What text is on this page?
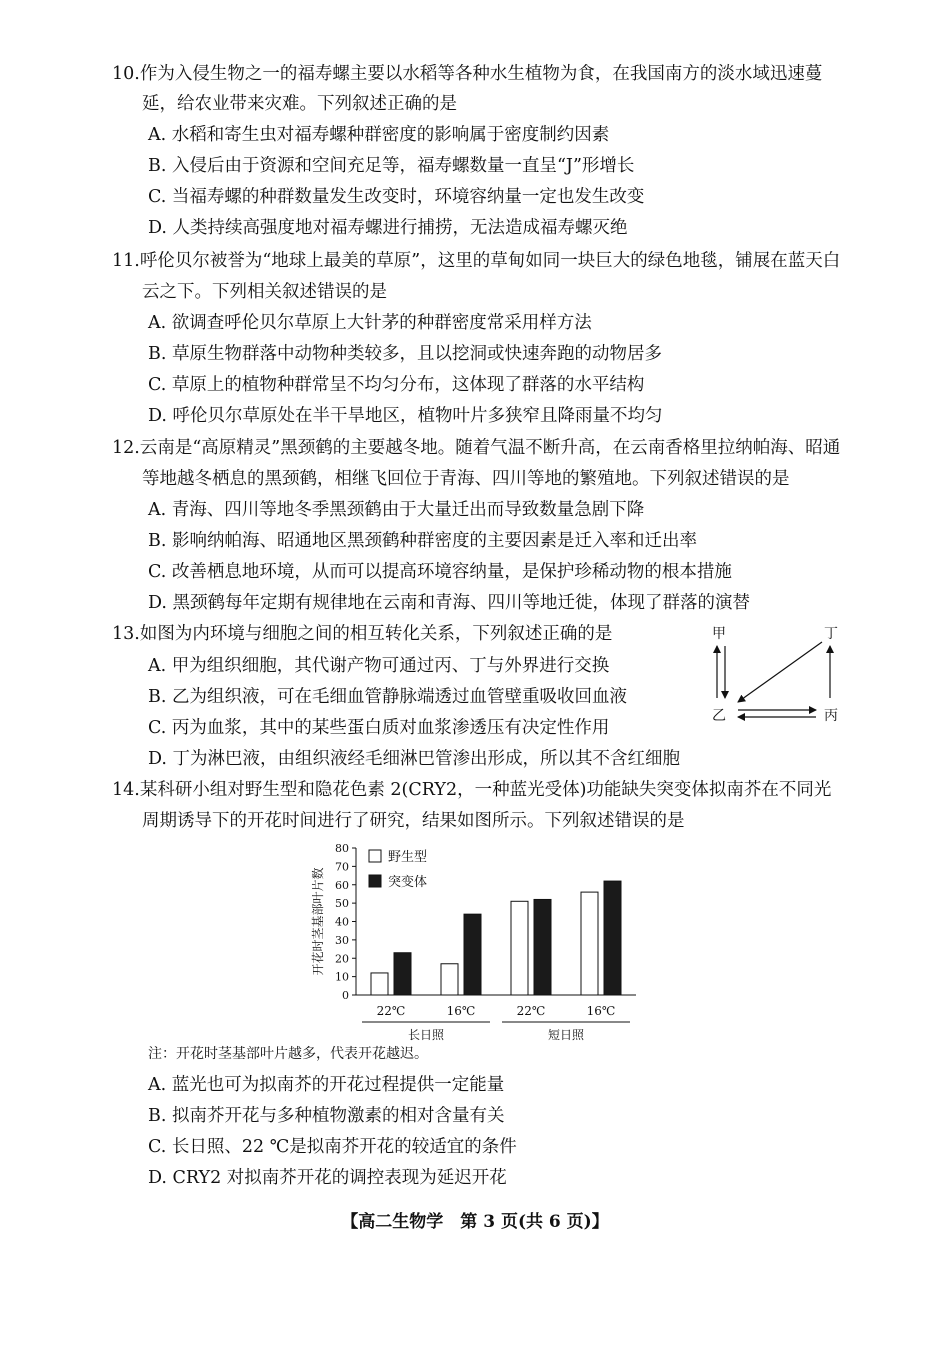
10.作为入侵生物之一的福寿螺主要以水稻等各种水生植物为食，在我国南方的淡水域迅速蔓
延，给农业带来灾难。下列叙述正确的是
A. 水稻和寄生虫对福寿螺种群密度的影响属于密度制约因素
B. 入侵后由于资源和空间充足等，福寿螺数量一直呈“J”形增长
C. 当福寿螺的种群数量发生改变时，环境容纳量一定也发生改变
D. 人类持续高强度地对福寿螺进行捕捞，无法造成福寿螺灭绝
11.呼伦贝尔被誉为“地球上最美的草原”，这里的草甸如同一块巨大的绿色地毯，铺展在蓝天白
云之下。下列相关叙述错误的是
A. 欲调查呼伦贝尔草原上大针茅的种群密度常采用样方法
B. 草原生物群落中动物种类较多，且以挖洞或快速奔跑的动物居多
C. 草原上的植物种群常呈不均匀分布，这体现了群落的水平结构
D. 呼伦贝尔草原处在半干旱地区，植物叶片多狭窄且降雨量不均匀
12.云南是“高原精灵”黑颈鹤的主要越冬地。随着气温不断升高，在云南香格里拉纳帕海、昭通
等地越冬栖息的黑颈鹤，相继飞回位于青海、四川等地的繁殖地。下列叙述错误的是
A. 青海、四川等地冬季黑颈鹤由于大量迁出而导致数量急剧下降
B. 影响纳帕海、昭通地区黑颈鹤种群密度的主要因素是迁入率和迁出率
C. 改善栖息地环境，从而可以提高环境容纳量，是保护珍稀动物的根本措施
D. 黑颈鹤每年定期有规律地在云南和青海、四川等地迁徙，体现了群落的演替
13.如图为内环境与细胞之间的相互转化关系，下列叙述正确的是
A. 甲为组织细胞，其代谢产物可通过丙、丁与外界进行交换
B. 乙为组织液，可在毛细血管静脉端透过血管壁重吸收回血液
C. 丙为血浆，其中的某些蛋白质对血浆渗透压有决定性作用
D. 丁为淋巴液，由组织液经毛细淋巴管渗出形成，所以其不含红细胞
甲	丁
乙	丙
14.某科研小组对野生型和隐花色素 2(CRY2，一种蓝光受体)功能缺失突变体拟南芥在不同光
周期诱导下的开花时间进行了研究，结果如图所示。下列叙述错误的是
开花时茎基部叶片数
0
10
20
30
40
50
60
70
80
22℃	16℃	22℃	16℃
长日照	短日照
野生型
突变体
注：开花时茎基部叶片越多，代表开花越迟。
A. 蓝光也可为拟南芥的开花过程提供一定能量
B. 拟南芥开花与多种植物激素的相对含量有关
C. 长日照、22 ℃是拟南芥开花的较适宜的条件
D. CRY2 对拟南芥开花的调控表现为延迟开花
【高二生物学　第 3 页(共 6 页)】
